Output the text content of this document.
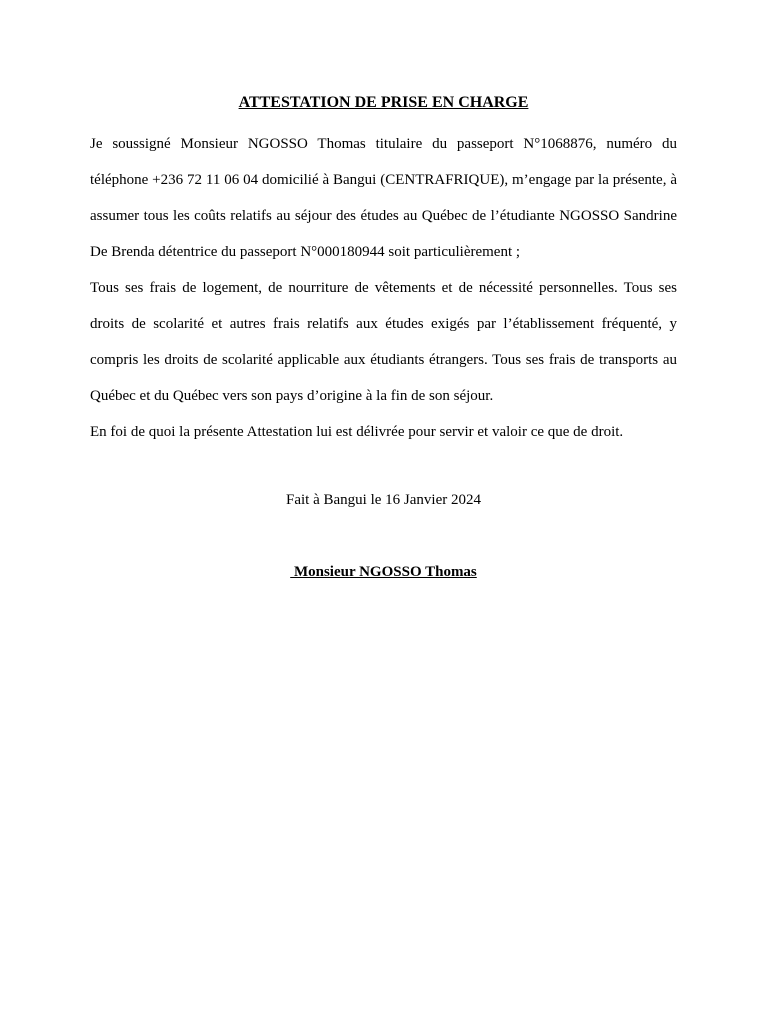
ATTESTATION DE PRISE EN CHARGE

Je soussigné Monsieur NGOSSO Thomas titulaire du passeport N°1068876, numéro du téléphone +236 72 11 06 04 domicilié à Bangui (CENTRAFRIQUE), m’engage par la présente, à assumer tous les coûts relatifs au séjour des études au Québec de l’étudiante NGOSSO Sandrine De Brenda détentrice du passeport N°000180944 soit particulièrement ;

Tous ses frais de logement, de nourriture de vêtements et de nécessité personnelles. Tous ses droits de scolarité et autres frais relatifs aux études exigés par l’établissement fréquenté, y compris les droits de scolarité applicable aux étudiants étrangers. Tous ses frais de transports au Québec et du Québec vers son pays d’origine à la fin de son séjour.

En foi de quoi la présente Attestation lui est délivrée pour servir et valoir ce que de droit.

Fait à Bangui le 16 Janvier 2024

Monsieur NGOSSO Thomas
